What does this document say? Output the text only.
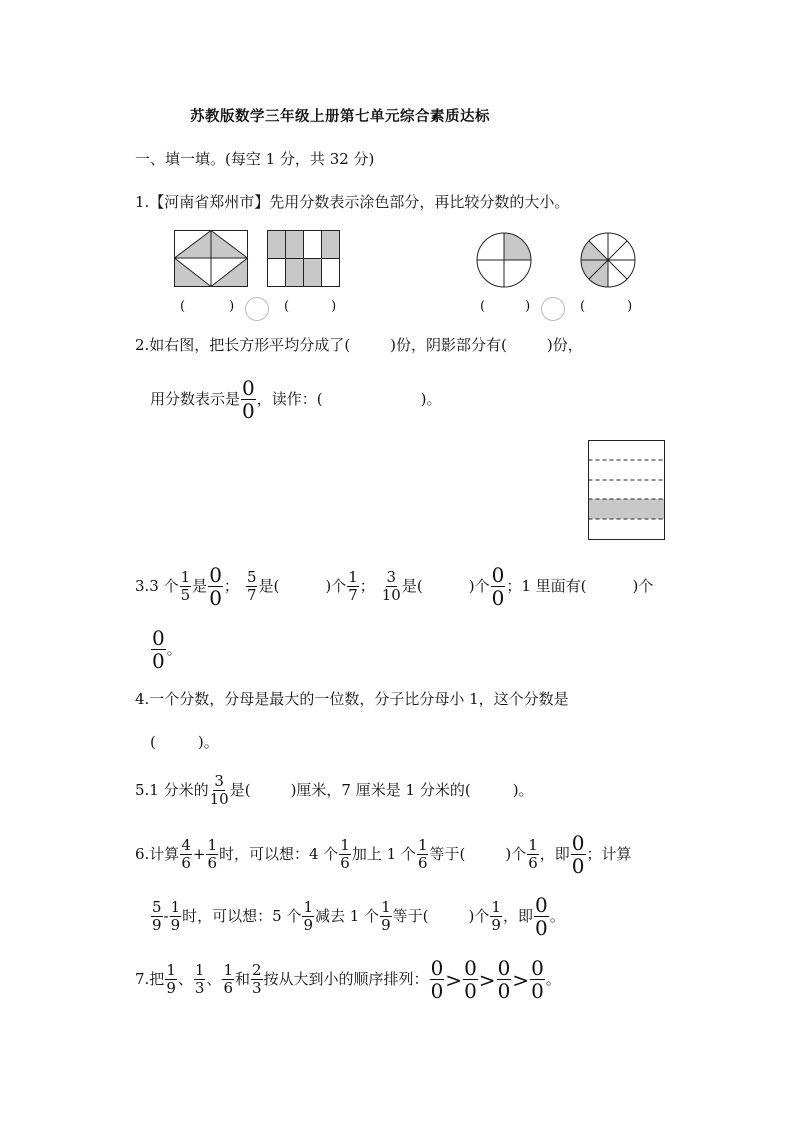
苏教版数学三年级上册第七单元综合素质达标
一、填一填。(每空 1 分，共 32 分)
1.【河南省郑州市】先用分数表示涂色部分，再比较分数的大小。
(	)	(	)	(	)	(	)
2.如右图，把长方形平均分成了(	)份，阴影部分有(	)份，
用分数表示是 $\frac{0}{0}$ ，读作：(	)。
3.3 个 $\frac{1}{5}$ 是 $\frac{0}{0}$ ； $\frac{5}{7}$ 是(	)个 $\frac{1}{7}$ ； $\frac{3}{10}$ 是(	)个 $\frac{0}{0}$ ；1 里面有(	)个
$\frac{0}{0}$ 。
4.一个分数，分母是最大的一位数，分子比分母小 1，这个分数是
(	)。
5.1 分米的 $\frac{3}{10}$ 是(	)厘米，7 厘米是 1 分米的(	)。
6.计算 $\frac{4}{6} + \frac{1}{6}$ 时，可以想：4 个 $\frac{1}{6}$ 加上 1 个 $\frac{1}{6}$ 等于(	)个 $\frac{1}{6}$ ，即 $\frac{0}{0}$ ；计算
$\frac{5}{9} - \frac{1}{9}$ 时，可以想：5 个 $\frac{1}{9}$ 减去 1 个 $\frac{1}{9}$ 等于(	)个 $\frac{1}{9}$ ，即 $\frac{0}{0}$ 。
7.把 $\frac{1}{9}$ 、 $\frac{1}{3}$ 、 $\frac{1}{6}$ 和 $\frac{2}{3}$ 按从大到小的顺序排列： $\frac{0}{0} > \frac{0}{0} > \frac{0}{0} > \frac{0}{0}$ 。
